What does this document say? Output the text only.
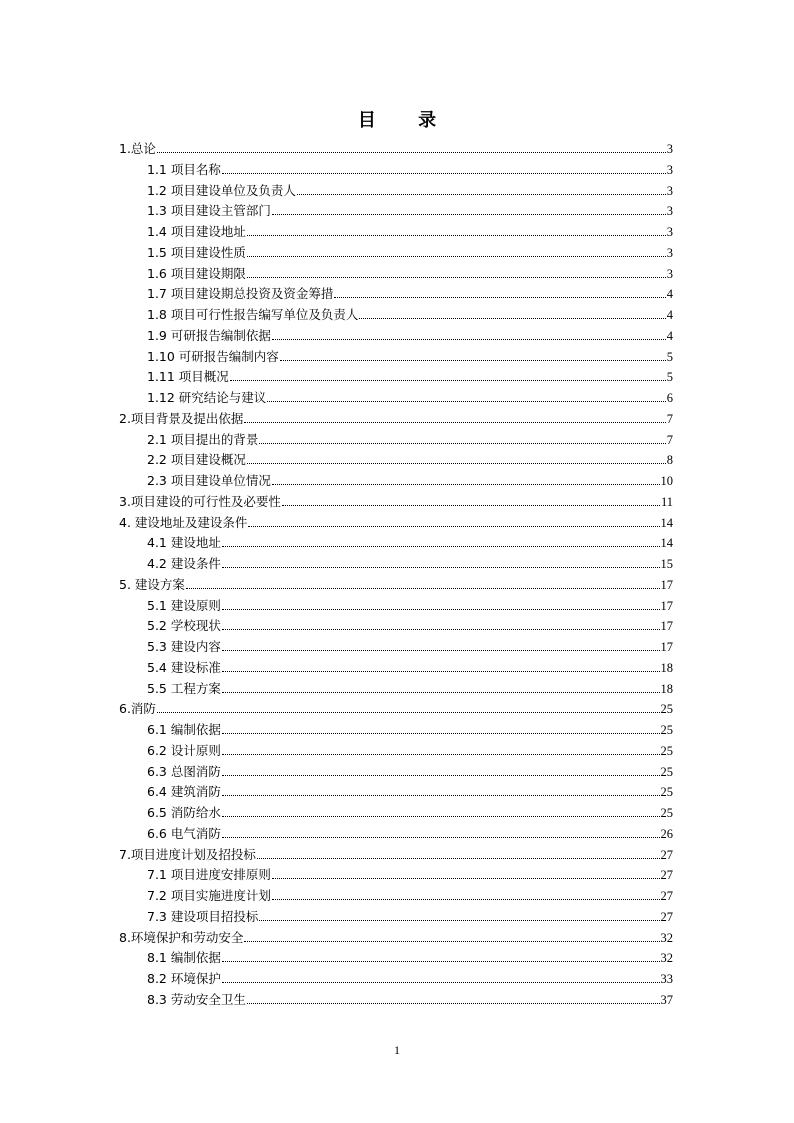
目 录
1.总论	3
1.1 项目名称	3
1.2 项目建设单位及负责人	3
1.3 项目建设主管部门	3
1.4 项目建设地址	3
1.5 项目建设性质	3
1.6 项目建设期限	3
1.7 项目建设期总投资及资金筹措	4
1.8 项目可行性报告编写单位及负责人	4
1.9 可研报告编制依据	4
1.10 可研报告编制内容	5
1.11 项目概况	5
1.12 研究结论与建议	6
2.项目背景及提出依据	7
2.1 项目提出的背景	7
2.2 项目建设概况	8
2.3 项目建设单位情况	10
3.项目建设的可行性及必要性	11
4. 建设地址及建设条件	14
4.1 建设地址	14
4.2 建设条件	15
5. 建设方案	17
5.1 建设原则	17
5.2 学校现状	17
5.3 建设内容	17
5.4 建设标准	18
5.5 工程方案	18
6.消防	25
6.1 编制依据	25
6.2 设计原则	25
6.3 总图消防	25
6.4 建筑消防	25
6.5 消防给水	25
6.6 电气消防	26
7.项目进度计划及招投标	27
7.1 项目进度安排原则	27
7.2 项目实施进度计划	27
7.3 建设项目招投标	27
8.环境保护和劳动安全	32
8.1 编制依据	32
8.2 环境保护	33
8.3 劳动安全卫生	37
1
